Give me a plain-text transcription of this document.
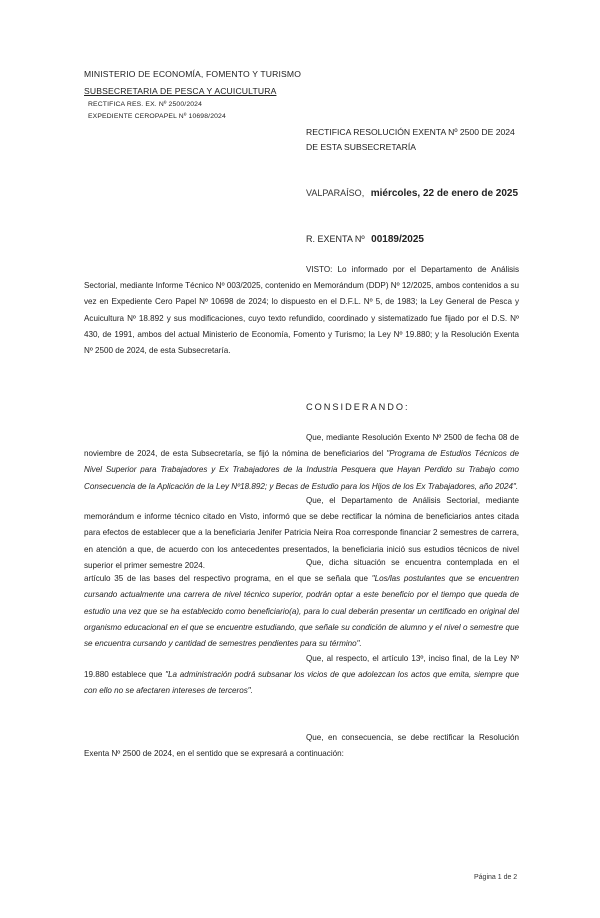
MINISTERIO DE ECONOMÍA, FOMENTO Y TURISMO
SUBSECRETARIA DE PESCA Y ACUICULTURA
RECTIFICA RES. EX. Nº 2500/2024
EXPEDIENTE CEROPAPEL Nº 10698/2024
RECTIFICA RESOLUCIÓN EXENTA Nº 2500 DE 2024
DE ESTA SUBSECRETARÍA
VALPARAÍSO, miércoles, 22 de enero de 2025
R. EXENTA Nº 00189/2025

VISTO: Lo informado por el Departamento de Análisis Sectorial, mediante Informe Técnico Nº 003/2025, contenido en Memorándum (DDP) Nº 12/2025, ambos contenidos a su vez en Expediente Cero Papel Nº 10698 de 2024; lo dispuesto en el D.F.L. Nº 5, de 1983; la Ley General de Pesca y Acuicultura Nº 18.892 y sus modificaciones, cuyo texto refundido, coordinado y sistematizado fue fijado por el D.S. Nº 430, de 1991, ambos del actual Ministerio de Economía, Fomento y Turismo; la Ley Nº 19.880; y la Resolución Exenta Nº 2500 de 2024, de esta Subsecretaría.

CONSIDERANDO:

Que, mediante Resolución Exento Nº 2500 de fecha 08 de noviembre de 2024, de esta Subsecretaría, se fijó la nómina de beneficiarios del "Programa de Estudios Técnicos de Nivel Superior para Trabajadores y Ex Trabajadores de la Industria Pesquera que Hayan Perdido su Trabajo como Consecuencia de la Aplicación de la Ley Nº18.892; y Becas de Estudio para los Hijos de los Ex Trabajadores, año 2024".

Que, el Departamento de Análisis Sectorial, mediante memorándum e informe técnico citado en Visto, informó que se debe rectificar la nómina de beneficiarios antes citada para efectos de establecer que a la beneficiaria Jenifer Patricia Neira Roa corresponde financiar 2 semestres de carrera, en atención a que, de acuerdo con los antecedentes presentados, la beneficiaria inició sus estudios técnicos de nivel superior el primer semestre 2024.	Que, dicha situación se encuentra contemplada en el artículo 35 de las bases del respectivo programa, en el que se señala que "Los/las postulantes que se encuentren cursando actualmente una carrera de nivel técnico superior, podrán optar a este beneficio por el tiempo que queda de estudio una vez que se ha establecido como beneficiario(a), para lo cual deberán presentar un certificado en original del organismo educacional en el que se encuentre estudiando, que señale su condición de alumno y el nivel o semestre que se encuentra cursando y cantidad de semestres pendientes para su término".

Que, al respecto, el artículo 13º, inciso final, de la Ley Nº 19.880 establece que "La administración podrá subsanar los vicios de que adolezcan los actos que emita, siempre que con ello no se afectaren intereses de terceros".

Que, en consecuencia, se debe rectificar la Resolución Exenta Nº 2500 de 2024, en el sentido que se expresará a continuación:

Página 1 de 2
